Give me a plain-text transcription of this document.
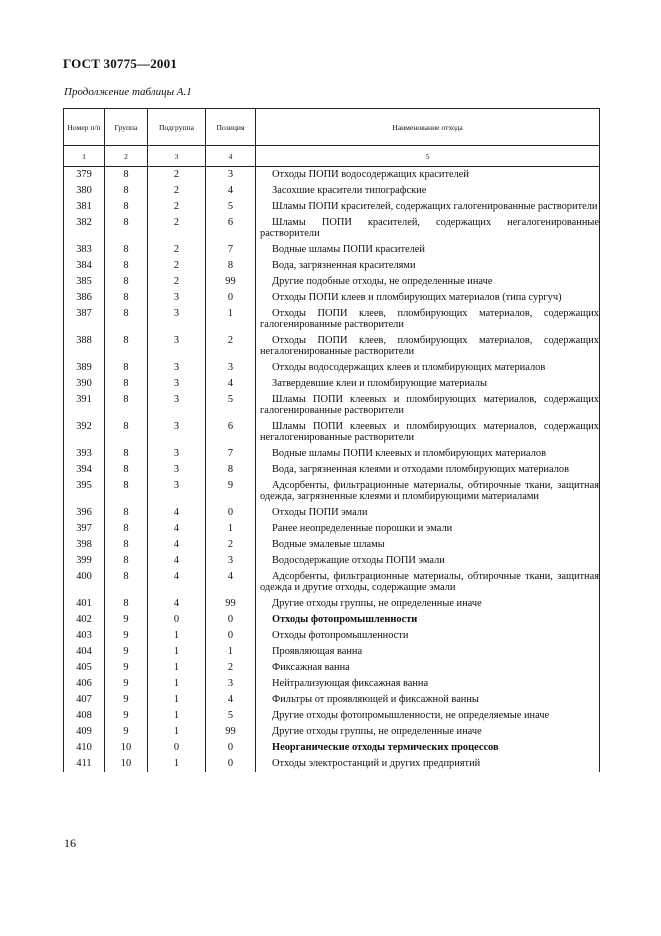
ГОСТ 30775—2001
Продолжение таблицы А.1
Номер п/п	Группа	Подгруппа	Позиция	Наименование отхода
1	2	3	4	5
379	8	2	3	Отходы ПОПИ водосодержащих красителей

380	8	2	4	Засохшие красители типографские

381	8	2	5	Шламы ПОПИ красителей, содержащих галогенированные растворители

382	8	2	6	Шламы ПОПИ красителей, содержащих негалогенированные растворители

383	8	2	7	Водные шламы ПОПИ красителей

384	8	2	8	Вода, загрязненная красителями

385	8	2	99	Другие подобные отходы, не определенные иначе

386	8	3	0	Отходы ПОПИ клеев и пломбирующих материалов (типа сургуч)

387	8	3	1	Отходы ПОПИ клеев, пломбирующих материалов, содержащих галогенированные растворители

388	8	3	2	Отходы ПОПИ клеев, пломбирующих материалов, содержащих негалогенированные растворители

389	8	3	3	Отходы водосодержащих клеев и пломбирующих материалов

390	8	3	4	Затвердевшие клеи и пломбирующие материалы

391	8	3	5	Шламы ПОПИ клеевых и пломбирующих материалов, содержащих галогенированные растворители

392	8	3	6	Шламы ПОПИ клеевых и пломбирующих материалов, содержащих негалогенированные растворители

393	8	3	7	Водные шламы ПОПИ клеевых и пломбирующих материалов

394	8	3	8	Вода, загрязненная клеями и отходами пломбирующих материалов

395	8	3	9	Адсорбенты, фильтрационные материалы, обтирочные ткани, защитная одежда, загрязненные клеями и пломбирующими материалами

396	8	4	0	Отходы ПОПИ эмали

397	8	4	1	Ранее неопределенные порошки и эмали

398	8	4	2	Водные эмалевые шламы

399	8	4	3	Водосодержащие отходы ПОПИ эмали

400	8	4	4	Адсорбенты, фильтрационные материалы, обтирочные ткани, защитная одежда и другие отходы, содержащие эмали

401	8	4	99	Другие отходы группы, не определенные иначе

402	9	0	0	Отходы фотопромышленности

403	9	1	0	Отходы фотопромышленности

404	9	1	1	Проявляющая ванна

405	9	1	2	Фиксажная ванна

406	9	1	3	Нейтрализующая фиксажная ванна

407	9	1	4	Фильтры от проявляющей и фиксажной ванны

408	9	1	5	Другие отходы фотопромышленности, не определяемые иначе

409	9	1	99	Другие отходы группы, не определенные иначе

410	10	0	0	Неорганические отходы термических процессов

411	10	1	0	Отходы электростанций и других предприятий
16
